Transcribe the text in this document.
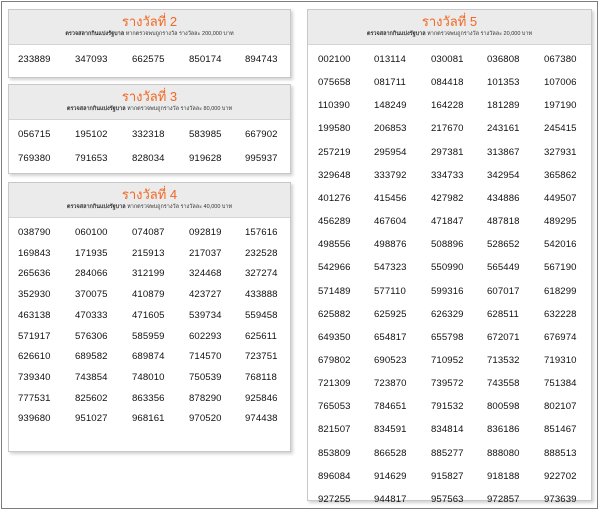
รางวัลที่ 2
ตรวจสลากกินแบ่งรัฐบาล หากตรวจพบถูกรางวัล รางวัลละ 200,000 บาท
233889	347093	662575	850174 894743
รางวัลที่ 3
ตรวจสลากกินแบ่งรัฐบาล หากตรวจพบถูกรางวัล รางวัลละ 80,000 บาท
056715	195102	332318	583985 667902
769380	791653	828034	919628 995937
รางวัลที่ 4
ตรวจสลากกินแบ่งรัฐบาล หากตรวจพบถูกรางวัล รางวัลละ 40,000 บาท
038790	060100	074087	092819 157616
169843	171935	215913	217037 232528
265636	284066	312199	324468 327274
352930	370075	410879	423727 433888
463138	470333	471605	539734 559458
571917	576306	585959	602293 625611
626610	689582	689874	714570 723751
739340	743854	748010	750539 768118
777531	825602	863356	878290 925846
939680	951027	968161	970520 974438
รางวัลที่ 5
ตรวจสลากกินแบ่งรัฐบาล หากตรวจพบถูกรางวัล รางวัลละ 20,000 บาท
002100 013114	030081 036808	067380
075658 081711	084418 101353	107006
110390	148249	164228 181289	197190
199580 206853	217670 243161	245415
257219 295954	297381 313867	327931
329648 333792	334733 342954	365862
401276 415456	427982 434886	449507
456289 467604	471847 487818	489295
498556 498876	508896 528652	542016
542966 547323	550990 565449	567190
571489 577110	599316 607017	618299
625882 625925	626329 628511	632228
649350 654817	655798 672071	676974
679802 690523	710952 713532	719310
721309 723870	739572 743558	751384
765053 784651	791532 800598	802107
821507 834591	834814 836186	851467
853809 866528	885277 888080	888513
896084 914629	915827 918188	922702
927255 944817	957563 972857	973639
